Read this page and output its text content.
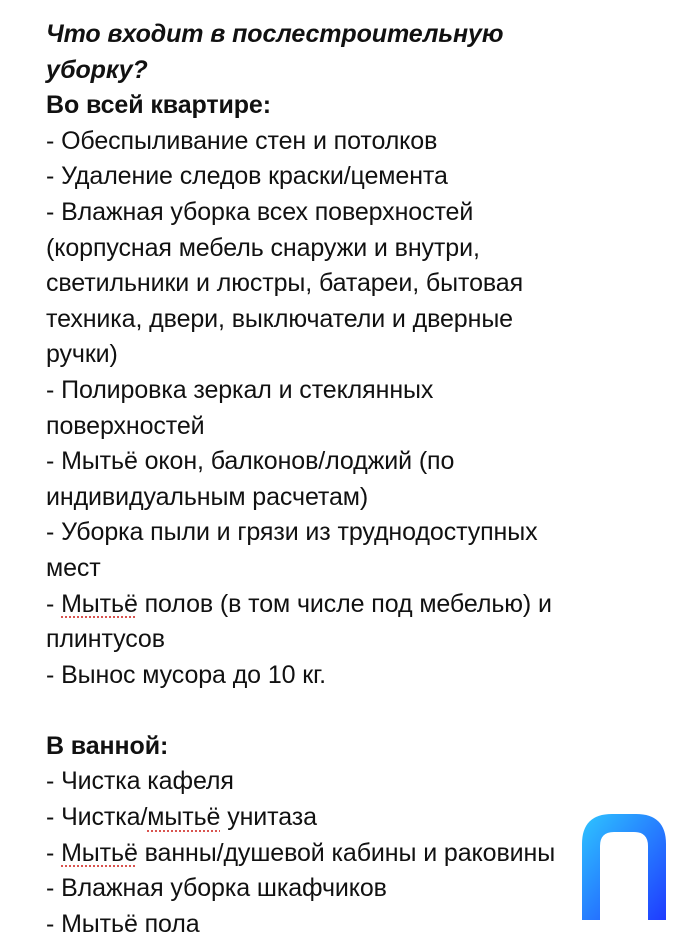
Что входит в послестроительную
уборку?
Во всей квартире:
- Обеспыливание стен и потолков
- Удаление следов краски/цемента
- Влажная уборка всех поверхностей
(корпусная мебель снаружи и внутри,
светильники и люстры, батареи, бытовая
техника, двери, выключатели и дверные
ручки)
- Полировка зеркал и стеклянных
поверхностей
- Мытьё окон, балконов/лоджий (по
индивидуальным расчетам)
- Уборка пыли и грязи из труднодоступных
мест
- Мытьё полов (в том числе под мебелью) и
плинтусов
- Вынос мусора до 10 кг.
В ванной:
- Чистка кафеля
- Чистка/мытьё унитаза
- Мытьё ванны/душевой кабины и раковины
- Влажная уборка шкафчиков
- Мытьё пола
